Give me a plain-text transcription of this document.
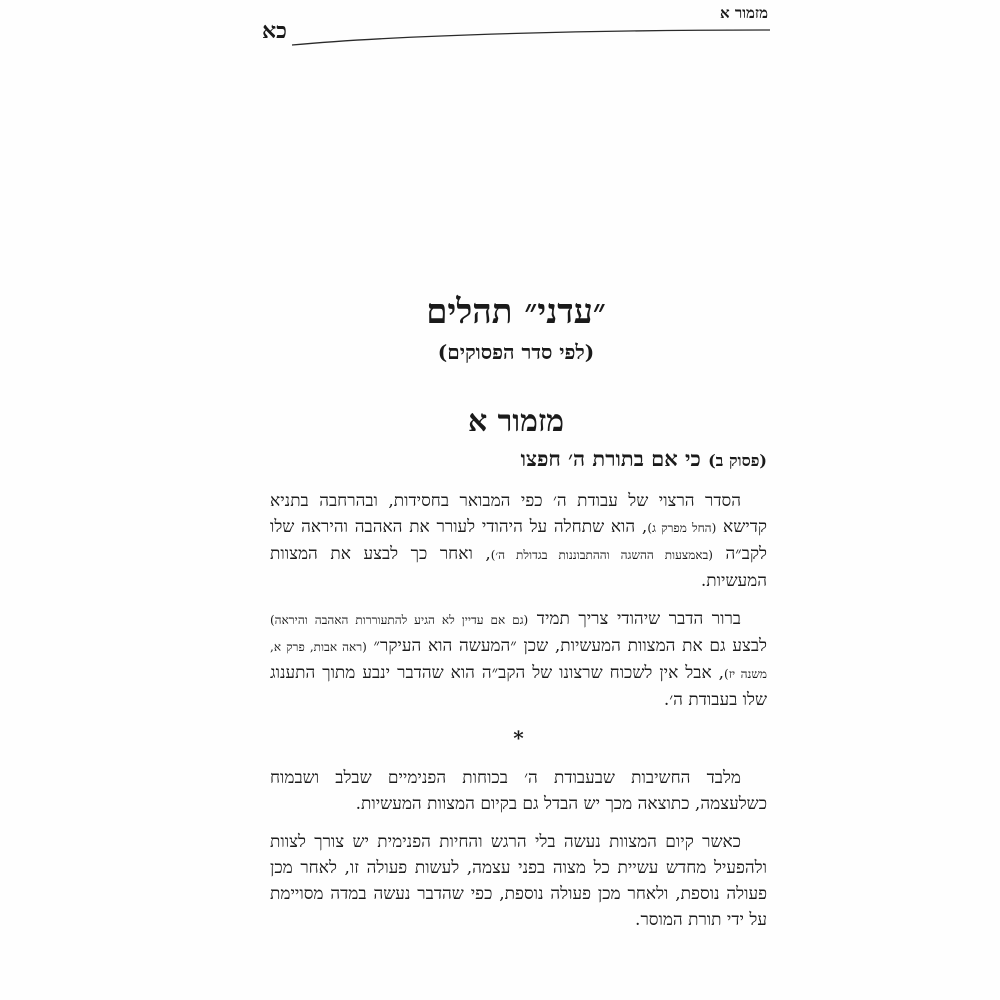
מזמור א
כא
״עדני״ תהלים
(לפי סדר הפסוקים)
מזמור א

(פסוק ב) כי אם בתורת ה׳ חפצו

הסדר הרצוי של עבודת ה׳ כפי המבואר בחסידות, ובהרחבה בתניא קדישא (החל מפרק ג), הוא שתחלה על היהודי לעורר את האהבה והיראה שלו לקב״ה (באמצעות ההשגה וההתבוננות בגדולת ה׳), ואחר כך לבצע את המצוות המעשיות.

ברור הדבר שיהודי צריך תמיד (גם אם עדיין לא הגיע להתעוררות האהבה והיראה) לבצע גם את המצוות המעשיות, שכן ״המעשה הוא העיקר״ (ראה אבות, פרק א, משנה יז), אבל אין לשכוח שרצונו של הקב״ה הוא שהדבר ינבע מתוך התענוג שלו בעבודת ה׳.

*

מלבד החשיבות שבעבודת ה׳ בכוחות הפנימיים שבלב ושבמוח כשלעצמה, כתוצאה מכך יש הבדל גם בקיום המצוות המעשיות.

כאשר קיום המצוות נעשה בלי הרגש והחיות הפנימית יש צורך לצוות ולהפעיל מחדש עשיית כל מצוה בפני עצמה, לעשות פעולה זו, לאחר מכן פעולה נוספת, ולאחר מכן פעולה נוספת, כפי שהדבר נעשה במדה מסויימת על ידי תורת המוסר.
